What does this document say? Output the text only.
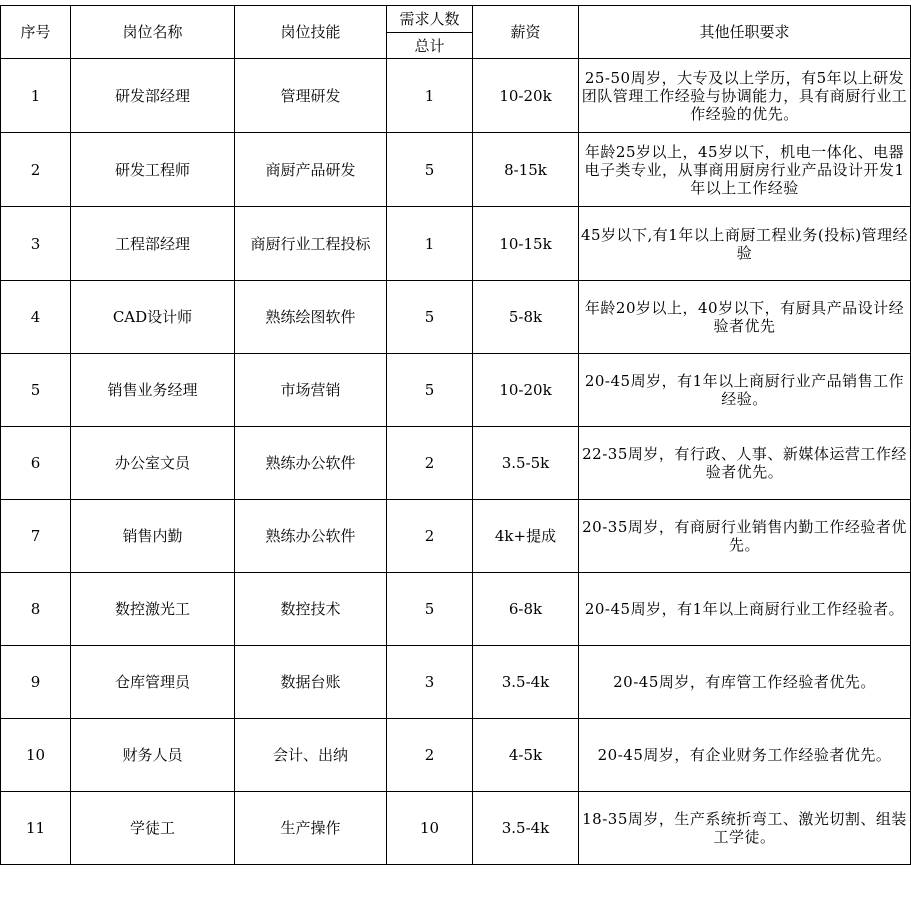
序号	岗位名称	岗位技能	需求人数	薪资	其他任职要求
			总计		
1	研发部经理	管理研发	1	10-20k	25-50周岁，大专及以上学历，有5年以上研发团队管理工作经验与协调能力，具有商厨行业工作经验的优先。
2	研发工程师	商厨产品研发	5	8-15k	年龄25岁以上，45岁以下，机电一体化、电器电子类专业，从事商用厨房行业产品设计开发1年以上工作经验
3	工程部经理	商厨行业工程投标	1	10-15k	45岁以下,有1年以上商厨工程业务(投标)管理经验
4	CAD设计师	熟练绘图软件	5	5-8k	年龄20岁以上，40岁以下，有厨具产品设计经验者优先
5	销售业务经理	市场营销	5	10-20k	20-45周岁，有1年以上商厨行业产品销售工作经验。
6	办公室文员	熟练办公软件	2	3.5-5k	22-35周岁，有行政、人事、新媒体运营工作经验者优先。
7	销售内勤	熟练办公软件	2	4k+提成	20-35周岁，有商厨行业销售内勤工作经验者优先。
8	数控激光工	数控技术	5	6-8k	20-45周岁，有1年以上商厨行业工作经验者。
9	仓库管理员	数据台账	3	3.5-4k	20-45周岁，有库管工作经验者优先。
10	财务人员	会计、出纳	2	4-5k	20-45周岁，有企业财务工作经验者优先。
11	学徒工	生产操作	10	3.5-4k	18-35周岁，生产系统折弯工、激光切割、组装工学徒。
